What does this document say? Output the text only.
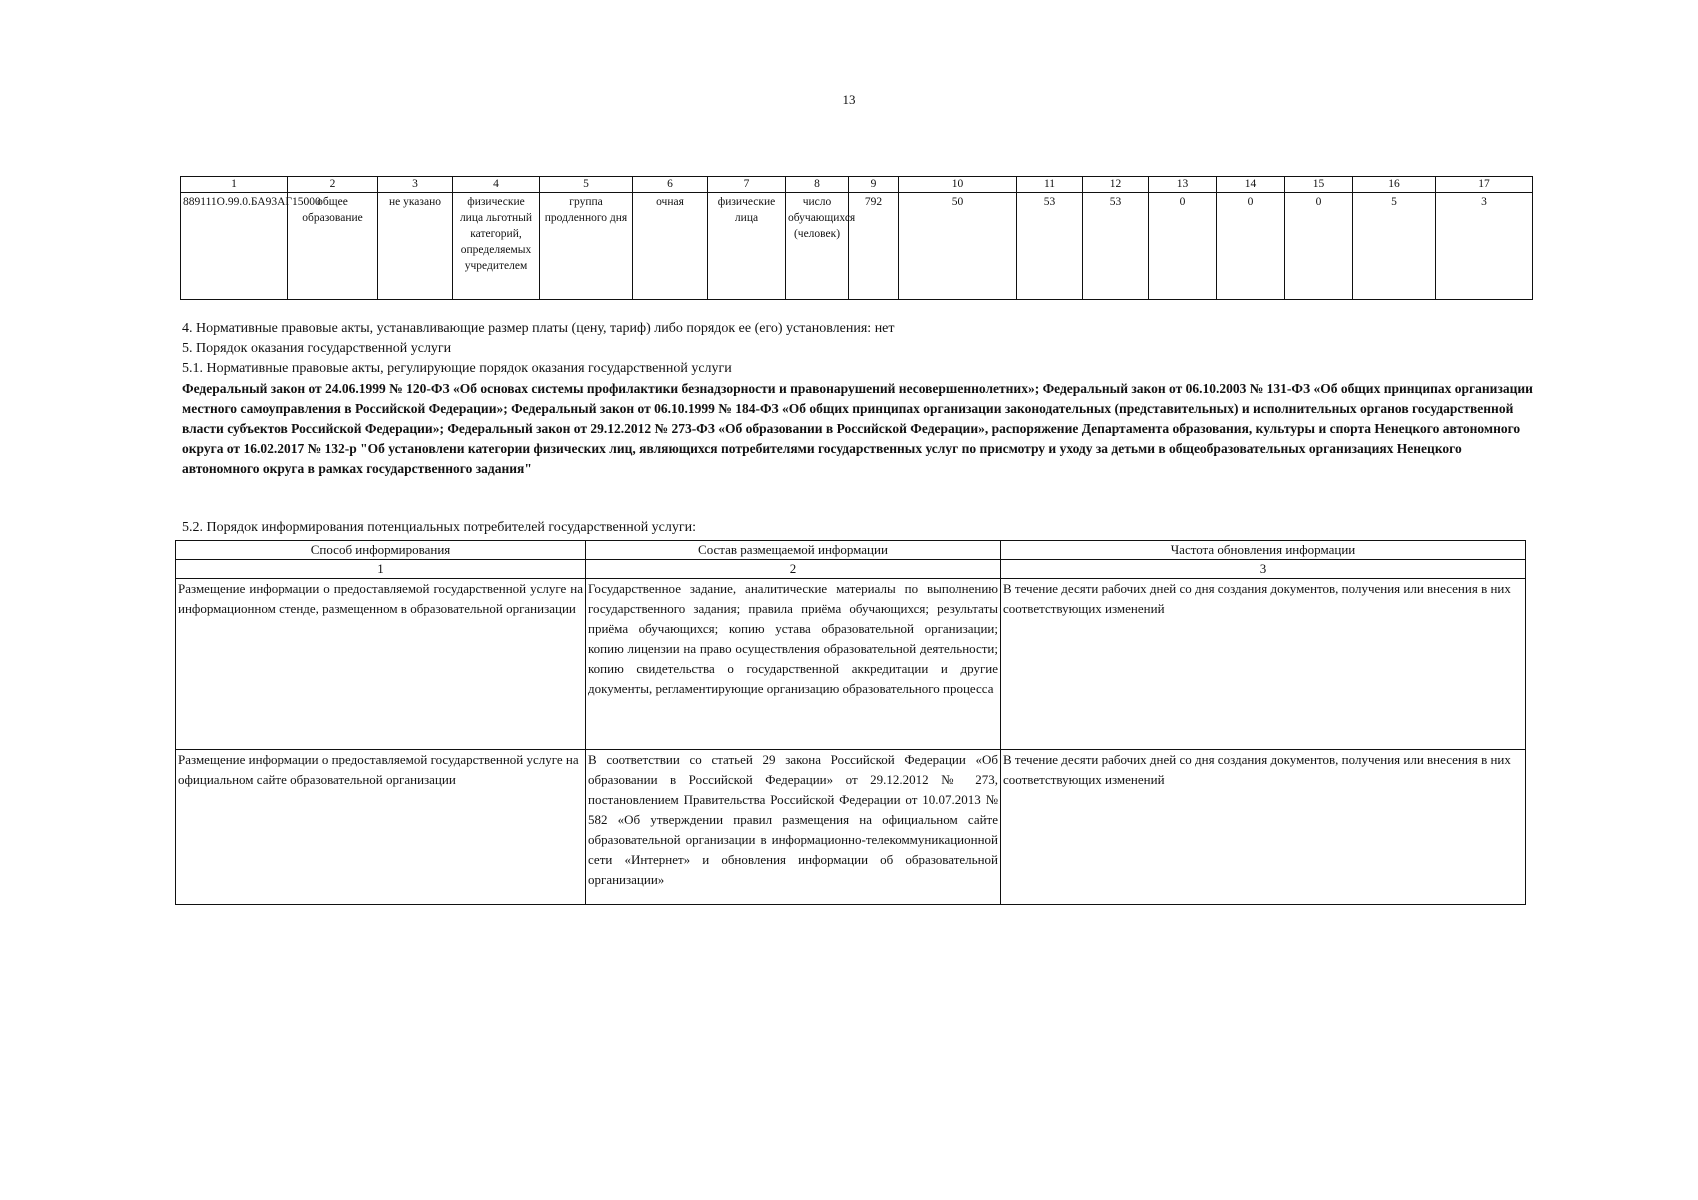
13
1	2	3	4	5	6	7	8	9	10	11	12	13	14	15	16	17
889111О.99.0.БА93АГ15000	общее образование	не указано	физические лица льготный категорий, определяемых учредителем	группа продленного дня	очная	физические лица	число обучающихся (человек)	792	50	53	53	0	0	0	5	3
4. Нормативные правовые акты, устанавливающие размер платы (цену, тариф) либо порядок ее (его) установления: нет
5. Порядок оказания государственной услуги
5.1. Нормативные правовые акты, регулирующие порядок оказания государственной услуги
Федеральный закон от 24.06.1999 № 120-ФЗ «Об основах системы профилактики безнадзорности и правонарушений несовершеннолетних»; Федеральный закон от 06.10.2003 № 131-ФЗ «Об общих принципах организации местного самоуправления в Российской Федерации»; Федеральный закон от 06.10.1999 № 184-ФЗ «Об общих принципах организации законодательных (представительных) и исполнительных органов государственной власти субъектов Российской Федерации»; Федеральный закон от 29.12.2012 № 273-ФЗ «Об образовании в Российской Федерации», распоряжение Департамента образования, культуры и спорта Ненецкого автономного округа от 16.02.2017 № 132-р "Об установлени категории физических лиц, являющихся потребителями государственных услуг по присмотру и уходу за детьми в общеобразовательных организациях Ненецкого автономного округа в рамках государственного задания"
5.2. Порядок информирования потенциальных потребителей государственной услуги:
Способ информирования	Состав размещаемой информации	Частота обновления информации
1	2	3
Размещение информации о предоставляемой государственной услуге на информационном стенде, размещенном в образовательной организации	Государственное задание, аналитические материалы по выполнению государственного задания; правила приёма обучающихся; результаты приёма обучающихся; копию устава образовательной организации; копию лицензии на право осуществления образовательной деятельности; копию свидетельства о государственной аккредитации и другие документы, регламентирующие организацию образовательного процесса	В течение десяти рабочих дней со дня создания документов, получения или внесения в них соответствующих изменений
Размещение информации о предоставляемой государственной услуге на официальном сайте образовательной организации	В соответствии со статьей 29 закона Российской Федерации «Об образовании в Российской Федерации» от 29.12.2012 № 273, постановлением Правительства Российской Федерации от 10.07.2013 № 582 «Об утверждении правил размещения на официальном сайте образовательной организации в информационно-телекоммуникационной сети «Интернет» и обновления информации об образовательной организации»	В течение десяти рабочих дней со дня создания документов, получения или внесения в них соответствующих изменений
